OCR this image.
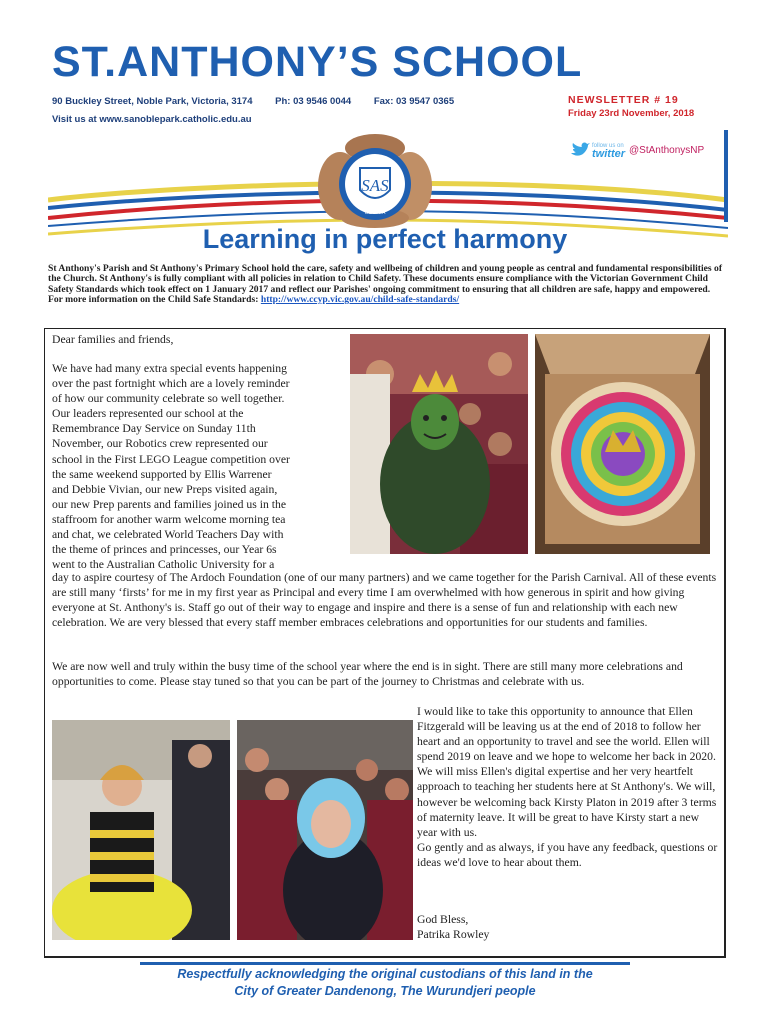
ST.ANTHONY’S SCHOOL
90 Buckley Street, Noble Park, Victoria, 3174 Ph: 03 9546 0044 Fax: 03 9547 0365
Visit us at www.sanoblepark.catholic.edu.au
NEWSLETTER # 19
Friday 23rd November, 2018
follow us on
twitter @StAnthonysNP
SAS
SOLI DEO
GLORIA
Learning in perfect harmony
St Anthony's Parish and St Anthony's Primary School hold the care, safety and wellbeing of children and young people as central and fundamental responsibilities of the Church. St Anthony's is fully compliant with all policies in relation to Child Safety. These documents ensure compliance with the Victorian Government Child Safety Standards which took effect on 1 January 2017 and reflect our Parishes' ongoing commitment to ensuring that all children are safe, happy and empowered.
For more information on the Child Safe Standards: http://www.ccyp.vic.gov.au/child-safe-standards/
Dear families and friends,
We have had many extra special events happening
over the past fortnight which are a lovely reminder
of how our community celebrate so well together.
Our leaders represented our school at the
Remembrance Day Service on Sunday 11th
November, our Robotics crew represented our
school in the First LEGO League competition over
the same weekend supported by Ellis Warrener
and Debbie Vivian, our new Preps visited again,
our new Prep parents and families joined us in the
staffroom for another warm welcome morning tea
and chat, we celebrated World Teachers Day with
the theme of princes and princesses, our Year 6s
went to the Australian Catholic University for a
day to aspire courtesy of The Ardoch Foundation (one of our many partners) and we came together for the Parish Carnival. All of these events are still many ‘firsts’ for me in my first year as Principal and every time I am overwhelmed with how generous in spirit and how giving everyone at St. Anthony's is. Staff go out of their way to engage and inspire and there is a sense of fun and relationship with each new celebration. We are very blessed that every staff member embraces celebrations and opportunities for our students and families.
We are now well and truly within the busy time of the school year where the end is in sight. There are still many more celebrations and opportunities to come. Please stay tuned so that you can be part of the journey to Christmas and celebrate with us.
I would like to take this opportunity to announce that Ellen Fitzgerald will be leaving us at the end of 2018 to follow her heart and an opportunity to travel and see the world. Ellen will spend 2019 on leave and we hope to welcome her back in 2020. We will miss Ellen's digital expertise and her very heartfelt approach to teaching her students here at St Anthony's. We will, however be welcoming back Kirsty Platon in 2019 after 3 terms of maternity leave. It will be great to have Kirsty start a new year with us.
Go gently and as always, if you have any feedback, questions or ideas we'd love to hear about them.
God Bless,
Patrika Rowley
Respectfully acknowledging the original custodians of this land in the
City of Greater Dandenong, The Wurundjeri people
